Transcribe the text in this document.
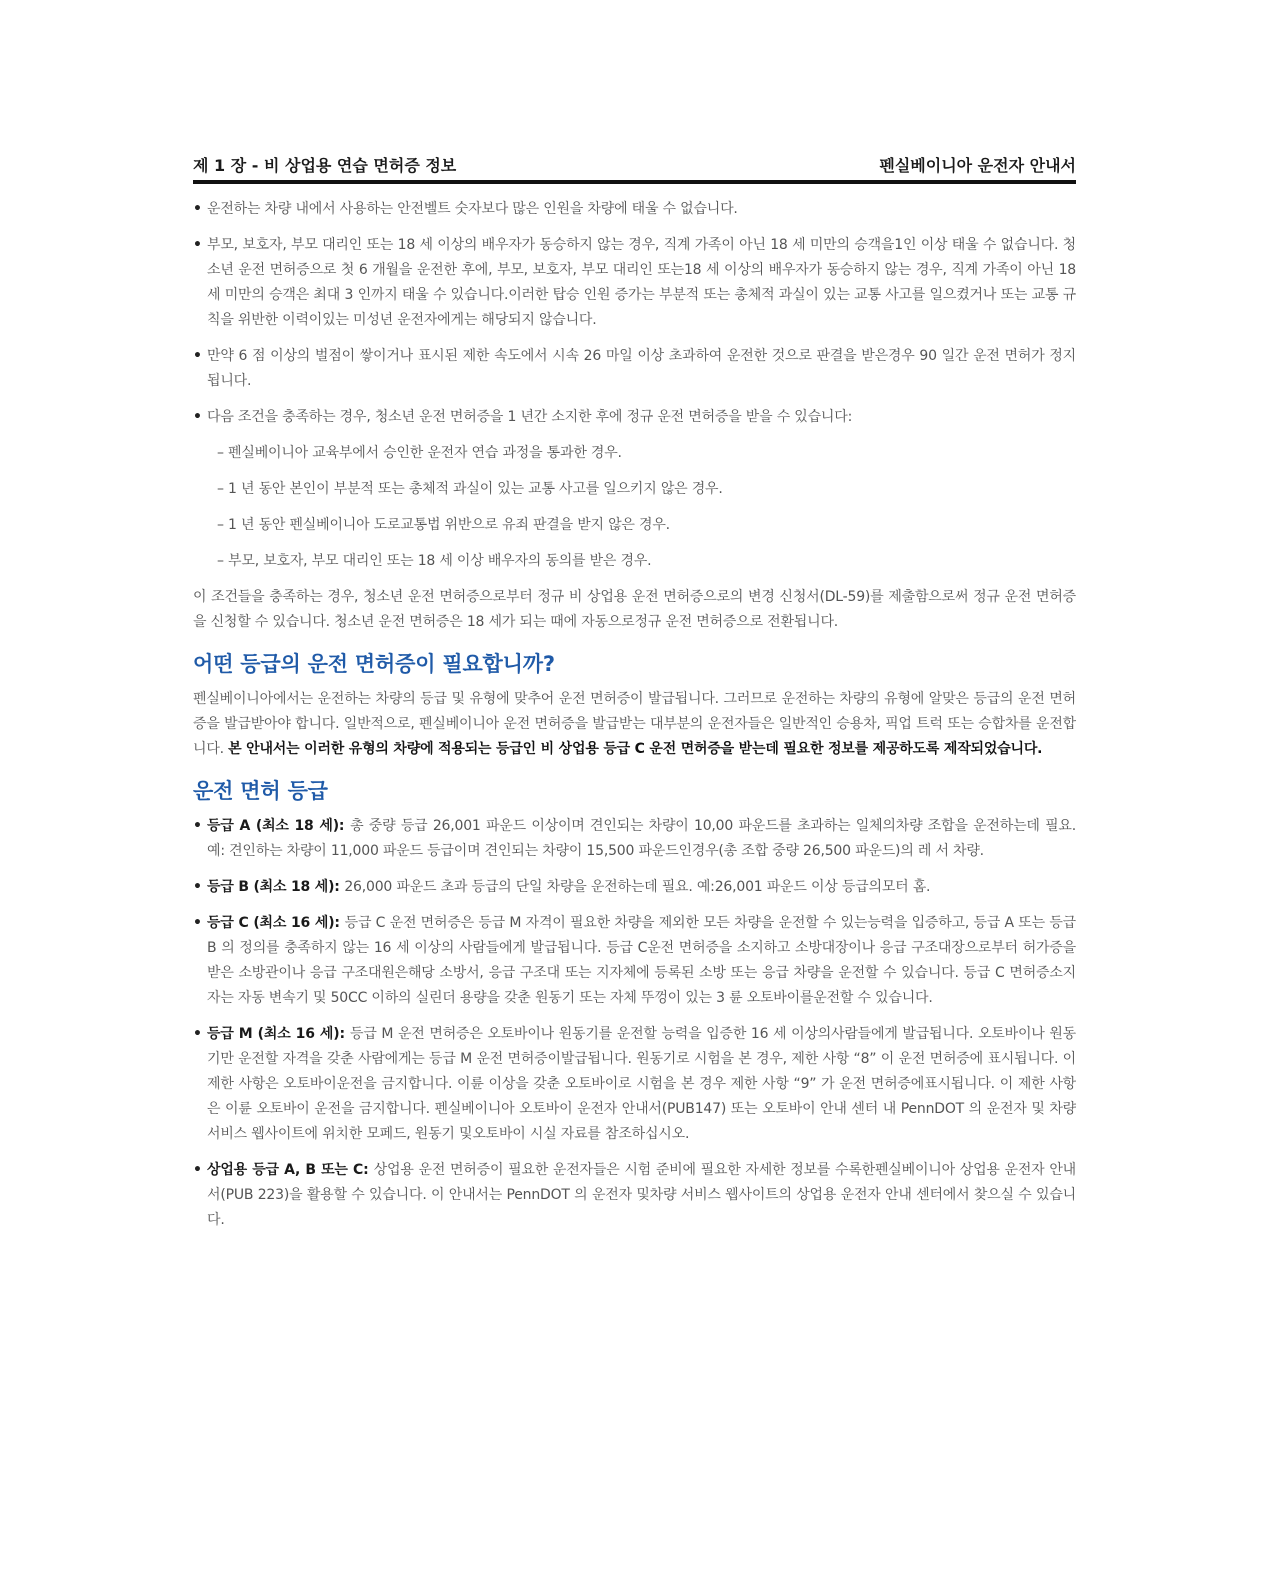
제 1 장 - 비 상업용 연습 면허증 정보	펜실베이니아 운전자 안내서
• 운전하는 차량 내에서 사용하는 안전벨트 숫자보다 많은 인원을 차량에 태울 수 없습니다.
• 부모, 보호자, 부모 대리인 또는 18 세 이상의 배우자가 동승하지 않는 경우, 직계 가족이 아닌 18 세 미만의 승객을1인 이상 태울 수 없습니다. 청소년 운전 면허증으로 첫 6 개월을 운전한 후에, 부모, 보호자, 부모 대리인 또는18 세 이상의 배우자가 동승하지 않는 경우, 직계 가족이 아닌 18 세 미만의 승객은 최대 3 인까지 태울 수 있습니다.이러한 탑승 인원 증가는 부분적 또는 총체적 과실이 있는 교통 사고를 일으켰거나 또는 교통 규칙을 위반한 이력이있는 미성년 운전자에게는 해당되지 않습니다.
• 만약 6 점 이상의 벌점이 쌓이거나 표시된 제한 속도에서 시속 26 마일 이상 초과하여 운전한 것으로 판결을 받은경우 90 일간 운전 면허가 정지됩니다.
• 다음 조건을 충족하는 경우, 청소년 운전 면허증을 1 년간 소지한 후에 정규 운전 면허증을 받을 수 있습니다:
– 펜실베이니아 교육부에서 승인한 운전자 연습 과정을 통과한 경우.
– 1 년 동안 본인이 부분적 또는 총체적 과실이 있는 교통 사고를 일으키지 않은 경우.
– 1 년 동안 펜실베이니아 도로교통법 위반으로 유죄 판결을 받지 않은 경우.
– 부모, 보호자, 부모 대리인 또는 18 세 이상 배우자의 동의를 받은 경우.
이 조건들을 충족하는 경우, 청소년 운전 면허증으로부터 정규 비 상업용 운전 면허증으로의 변경 신청서(DL-59)를 제출함으로써 정규 운전 면허증을 신청할 수 있습니다. 청소년 운전 면허증은 18 세가 되는 때에 자동으로정규 운전 면허증으로 전환됩니다.
어떤 등급의 운전 면허증이 필요합니까?
펜실베이니아에서는 운전하는 차량의 등급 및 유형에 맞추어 운전 면허증이 발급됩니다. 그러므로 운전하는 차량의 유형에 알맞은 등급의 운전 면허증을 발급받아야 합니다. 일반적으로, 펜실베이니아 운전 면허증을 발급받는 대부분의 운전자들은 일반적인 승용차, 픽업 트럭 또는 승합차를 운전합니다. 본 안내서는 이러한 유형의 차량에 적용되는 등급인 비 상업용 등급 C 운전 면허증을 받는데 필요한 정보를 제공하도록 제작되었습니다.
운전 면허 등급
• 등급 A (최소 18 세): 총 중량 등급 26,001 파운드 이상이며 견인되는 차량이 10,00 파운드를 초과하는 일체의차량 조합을 운전하는데 필요. 예: 견인하는 차량이 11,000 파운드 등급이며 견인되는 차량이 15,500 파운드인경우(총 조합 중량 26,500 파운드)의 레 서 차량.
• 등급 B (최소 18 세): 26,000 파운드 초과 등급의 단일 차량을 운전하는데 필요. 예:26,001 파운드 이상 등급의모터 홈.
• 등급 C (최소 16 세): 등급 C 운전 면허증은 등급 M 자격이 필요한 차량을 제외한 모든 차량을 운전할 수 있는능력을 입증하고, 등급 A 또는 등급 B 의 정의를 충족하지 않는 16 세 이상의 사람들에게 발급됩니다. 등급 C운전 면허증을 소지하고 소방대장이나 응급 구조대장으로부터 허가증을 받은 소방관이나 응급 구조대원은해당 소방서, 응급 구조대 또는 지자체에 등록된 소방 또는 응급 차량을 운전할 수 있습니다. 등급 C 면허증소지자는 자동 변속기 및 50CC 이하의 실린더 용량을 갖춘 원동기 또는 자체 뚜껑이 있는 3 륜 오토바이를운전할 수 있습니다.
• 등급 M (최소 16 세): 등급 M 운전 면허증은 오토바이나 원동기를 운전할 능력을 입증한 16 세 이상의사람들에게 발급됩니다. 오토바이나 원동기만 운전할 자격을 갖춘 사람에게는 등급 M 운전 면허증이발급됩니다. 원동기로 시험을 본 경우, 제한 사항 “8” 이 운전 면허증에 표시됩니다. 이 제한 사항은 오토바이운전을 금지합니다. 이륜 이상을 갖춘 오토바이로 시험을 본 경우 제한 사항 “9” 가 운전 면허증에표시됩니다. 이 제한 사항은 이륜 오토바이 운전을 금지합니다. 펜실베이니아 오토바이 운전자 안내서(PUB147) 또는 오토바이 안내 센터 내 PennDOT 의 운전자 및 차량 서비스 웹사이트에 위치한 모페드, 원동기 및오토바이 시실 자료를 참조하십시오.
• 상업용 등급 A, B 또는 C: 상업용 운전 면허증이 필요한 운전자들은 시험 준비에 필요한 자세한 정보를 수록한펜실베이니아 상업용 운전자 안내서(PUB 223)을 활용할 수 있습니다. 이 안내서는 PennDOT 의 운전자 및차량 서비스 웹사이트의 상업용 운전자 안내 센터에서 찾으실 수 있습니다.
